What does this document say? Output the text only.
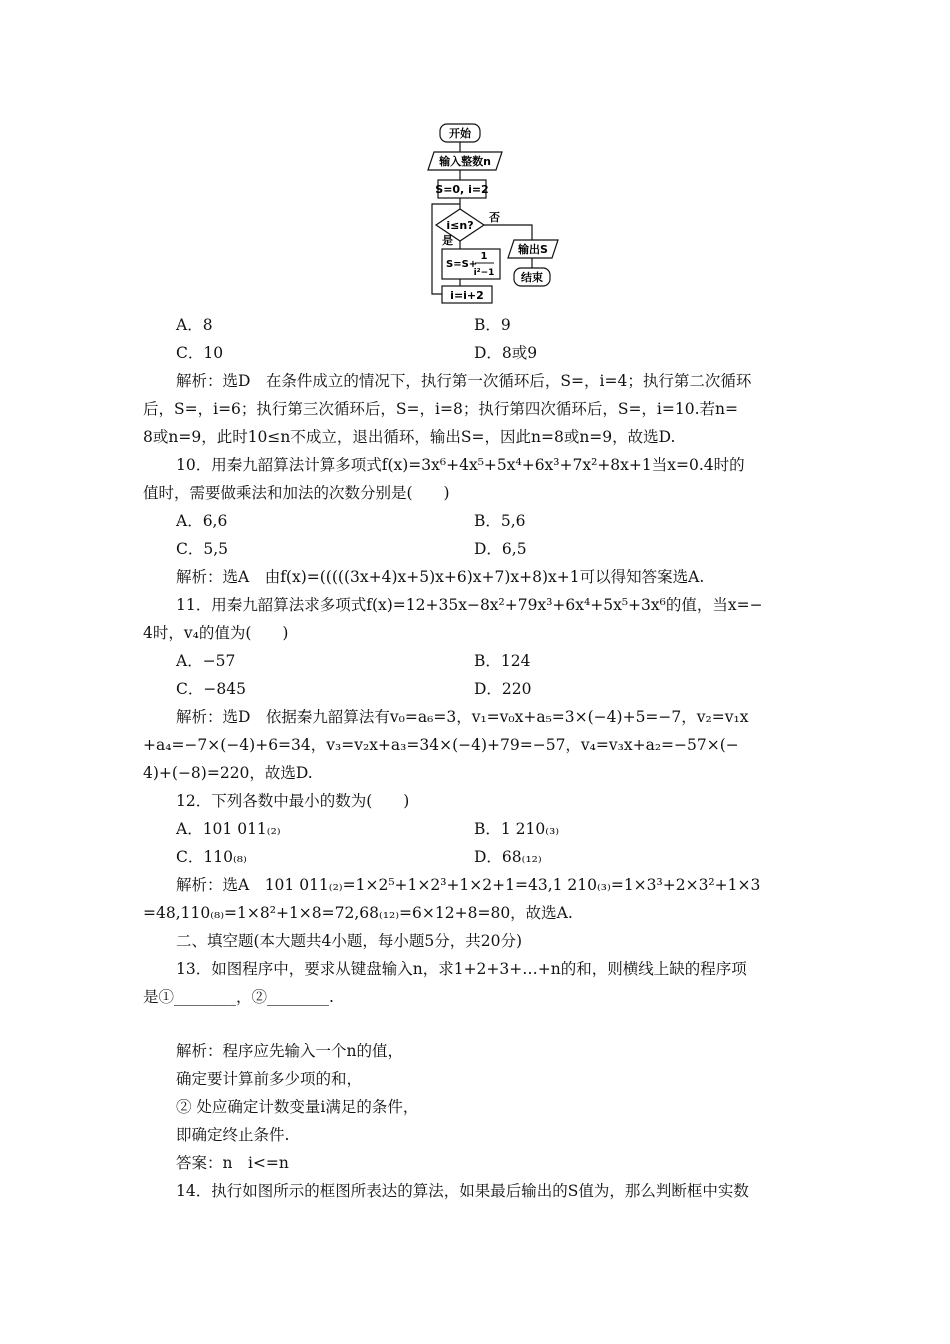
开始
输入整数n
S=0, i=2
i≤n?
否
是
S=S+
1
i²−1
i=i+2
输出S
结束
A．8	B．9
C．10	D．8或9
解析：选D　在条件成立的情况下，执行第一次循环后，S=，i=4；执行第二次循环
后，S=，i=6；执行第三次循环后，S=，i=8；执行第四次循环后，S=，i=10.若n=
8或n=9，此时10≤n不成立，退出循环，输出S=，因此n=8或n=9，故选D.
10．用秦九韶算法计算多项式f(x)=3x⁶+4x⁵+5x⁴+6x³+7x²+8x+1当x=0.4时的
值时，需要做乘法和加法的次数分别是(　　)
A．6,6	B．5,6
C．5,5	D．6,5
解析：选A　由f(x)=(((((3x+4)x+5)x+6)x+7)x+8)x+1可以得知答案选A.
11．用秦九韶算法求多项式f(x)=12+35x−8x²+79x³+6x⁴+5x⁵+3x⁶的值，当x=−
4时，v₄的值为(　　)
A．−57	B．124
C．−845	D．220
解析：选D　依据秦九韶算法有v₀=a₆=3，v₁=v₀x+a₅=3×(−4)+5=−7，v₂=v₁x
+a₄=−7×(−4)+6=34，v₃=v₂x+a₃=34×(−4)+79=−57，v₄=v₃x+a₂=−57×(−
4)+(−8)=220，故选D.
12．下列各数中最小的数为(　　)
A．101 011₍₂₎	B．1 210₍₃₎
C．110₍₈₎	D．68₍₁₂₎
解析：选A　101 011₍₂₎=1×2⁵+1×2³+1×2+1=43,1 210₍₃₎=1×3³+2×3²+1×3
=48,110₍₈₎=1×8²+1×8=72,68₍₁₂₎=6×12+8=80，故选A.
二、填空题(本大题共4小题，每小题5分，共20分)
13．如图程序中，要求从键盘输入n，求1+2+3+…+n的和，则横线上缺的程序项
是①________，②________.
解析：程序应先输入一个n的值，
确定要计算前多少项的和，
② 处应确定计数变量i满足的条件，
即确定终止条件.
答案：n　i<=n
14．执行如图所示的框图所表达的算法，如果最后输出的S值为，那么判断框中实数
